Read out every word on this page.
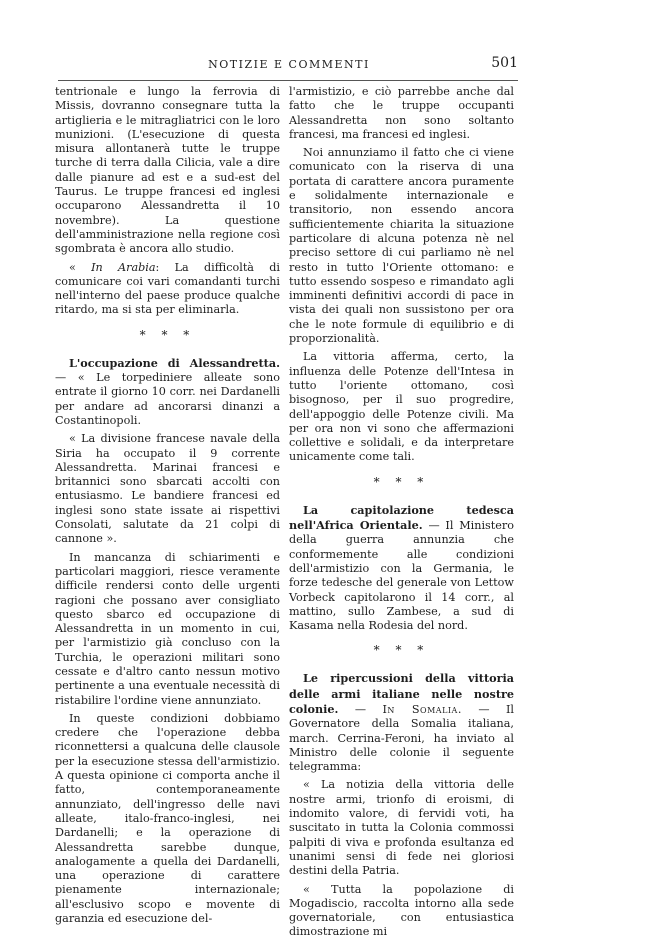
NOTIZIE E COMMENTI	501

tentrionale e lungo la ferrovia di Missis, dovranno consegnare tutta la artiglieria e le mitragliatrici con le loro munizioni. (L'esecuzione di questa misura allontanerà tutte le truppe turche di terra dalla Cilicia, vale a dire dalle pianure ad est e a sud-est del Taurus. Le truppe francesi ed inglesi occuparono Alessandretta il 10 novembre). La questione dell'amministrazione nella regione così sgombrata è ancora allo studio.

« In Arabia: La difficoltà di comunicare coi vari comandanti turchi nell'interno del paese produce qualche ritardo, ma si sta per eliminarla.

* * *

L'occupazione di Alessandretta. — « Le torpediniere alleate sono entrate il giorno 10 corr. nei Dardanelli per andare ad ancorarsi dinanzi a Costantinopoli.

« La divisione francese navale della Siria ha occupato il 9 corrente Alessandretta. Marinai francesi e britannici sono sbarcati accolti con entusiasmo. Le bandiere francesi ed inglesi sono state issate ai rispettivi Consolati, salutate da 21 colpi di cannone ».

In mancanza di schiarimenti e particolari maggiori, riesce veramente difficile rendersi conto delle urgenti ragioni che possano aver consigliato questo sbarco ed occupazione di Alessandretta in un momento in cui, per l'armistizio già concluso con la Turchia, le operazioni militari sono cessate e d'altro canto nessun motivo pertinente a una eventuale necessità di ristabilire l'ordine viene annunziato.

In queste condizioni dobbiamo credere che l'operazione debba riconnettersi a qualcuna delle clausole per la esecuzione stessa dell'armistizio. A questa opinione ci comporta anche il fatto, contemporaneamente annunziato, dell'ingresso delle navi alleate, italo-franco-inglesi, nei Dardanelli; e la operazione di Alessandretta sarebbe dunque, analogamente a quella dei Dardanelli, una operazione di carattere pienamente internazionale; all'esclusivo scopo e movente di garanzia ed esecuzione del-

l'armistizio, e ciò parrebbe anche dal fatto che le truppe occupanti Alessandretta non sono soltanto francesi, ma francesi ed inglesi.

Noi annunziamo il fatto che ci viene comunicato con la riserva di una portata di carattere ancora puramente e solidalmente internazionale e transitorio, non essendo ancora sufficientemente chiarita la situazione particolare di alcuna potenza nè nel preciso settore di cui parliamo nè nel resto in tutto l'Oriente ottomano: e tutto essendo sospeso e rimandato agli imminenti definitivi accordi di pace in vista dei quali non sussistono per ora che le note formule di equilibrio e di proporzionalità.

La vittoria afferma, certo, la influenza delle Potenze dell'Intesa in tutto l'oriente ottomano, così bisognoso, per il suo progredire, dell'appoggio delle Potenze civili. Ma per ora non vi sono che affermazioni collettive e solidali, e da interpretare unicamente come tali.

* * *

La capitolazione tedesca nell'Africa Orientale. — Il Ministero della guerra annunzia che conformemente alle condizioni dell'armistizio con la Germania, le forze tedesche del generale von Lettow Vorbeck capitolarono il 14 corr., al mattino, sullo Zambese, a sud di Kasama nella Rodesia del nord.

* * *

Le ripercussioni della vittoria delle armi italiane nelle nostre colonie. — In Somalia. — Il Governatore della Somalia italiana, march. Cerrina-Feroni, ha inviato al Ministro delle colonie il seguente telegramma:

« La notizia della vittoria delle nostre armi, trionfo di eroismi, di indomito valore, di fervidi voti, ha suscitato in tutta la Colonia commossi palpiti di viva e profonda esultanza ed unanimi sensi di fede nei gloriosi destini della Patria.

« Tutta la popolazione di Mogadiscio, raccolta intorno alla sede governatoriale, con entusiastica dimostrazione mi
